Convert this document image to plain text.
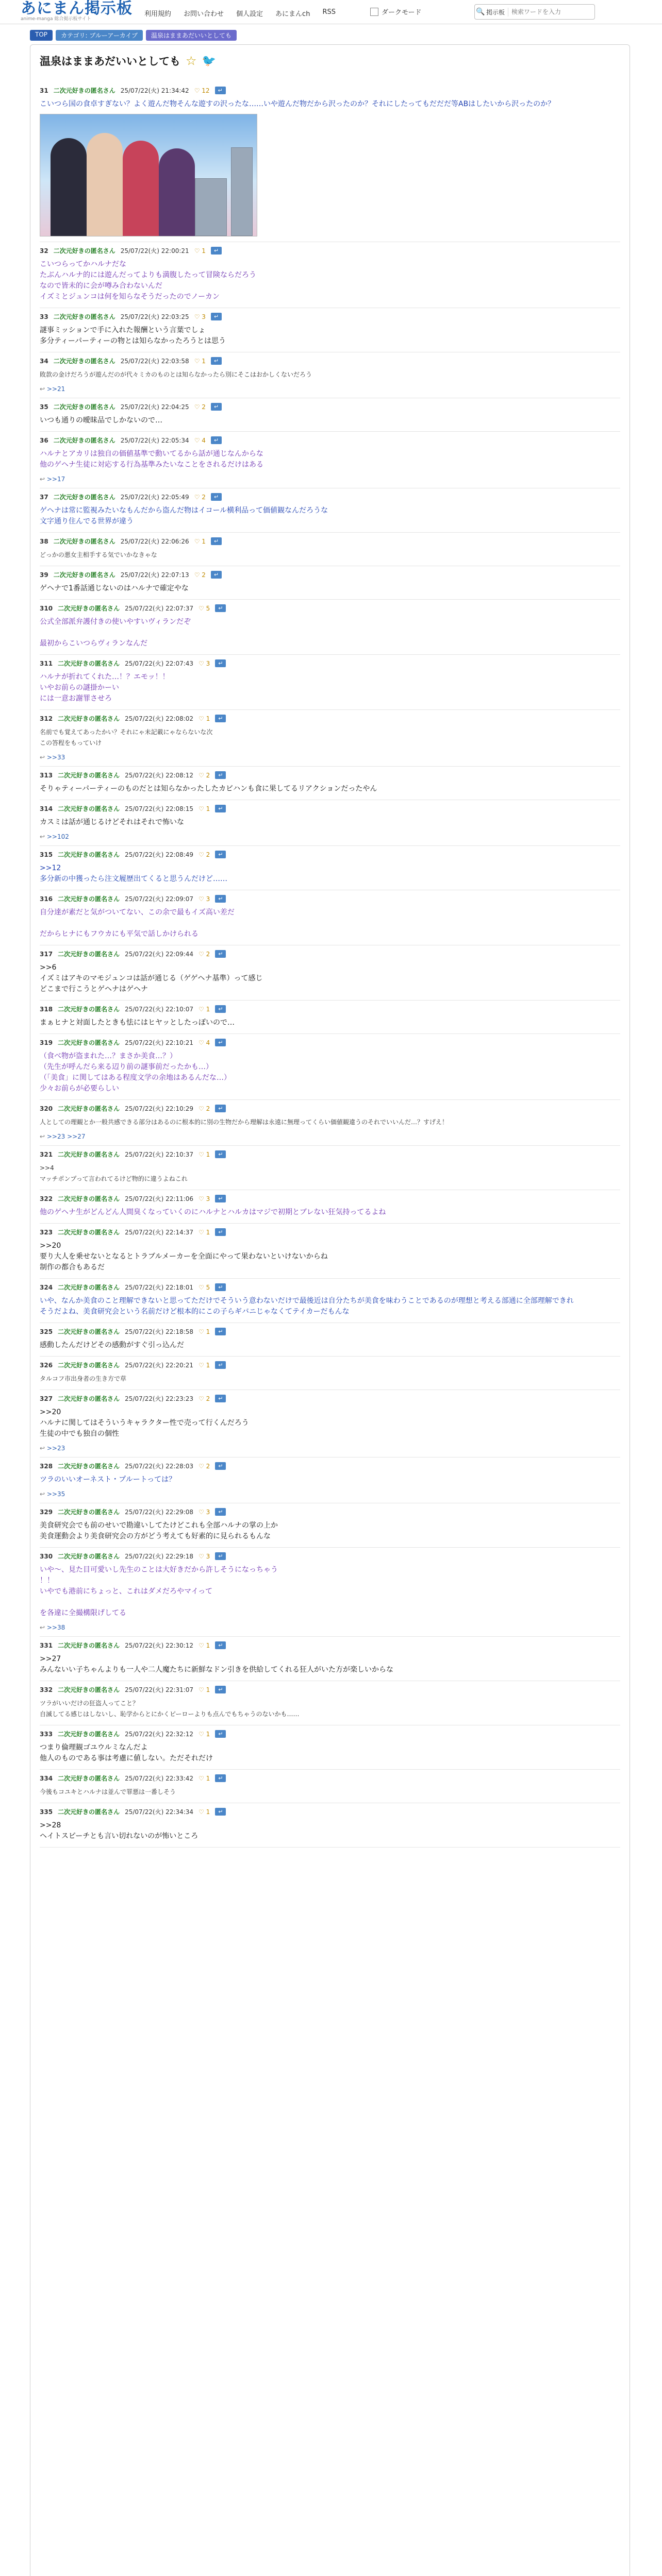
あにまん掲示板
anime-manga 総合掲示板サイト
利用規約	お問い合わせ	個人設定	あにまんch	RSS	ダークモード	🔍 掲示板
検索ワードを入力
TOP	カテゴリ: ブルーアーカイブ	温泉はままあだいいとしても
温泉はままあだいいとしても ☆ 🐦
31 二次元好きの匿名さん 25/07/22(火) 21:34:42 ♡ 12	↵
こいつら国の食卓すぎない？よく遊んだ物そんな遊すの沢ったな……いや遊んだ物だから沢ったのか？それにしたってもだだだ等ABはしたいから沢ったのか？
32 二次元好きの匿名さん 25/07/22(火) 22:00:21 ♡ 1	↵
こいつらってかハルナだな
たぶんハルナ的には遊んだってよりも満腹したって冒険ならだろう
なので皆未的に会が噂み合わないんだ
イズミとジュンコは何を知らなそうだったのでノーカン
33 二次元好きの匿名さん 25/07/22(火) 22:03:25 ♡ 3	↵
謎事ミッションで手に入れた報酬という言葉でしょ
多分ティーパーティーの物とは知らなかったろうとは思う
34 二次元好きの匿名さん 25/07/22(火) 22:03:58 ♡ 1	↵
敗款の金けだろうが遊んだのが代々ミカのものとは知らなかったら別にそこはおかしくないだろう
↩ >>21
35 二次元好きの匿名さん 25/07/22(火) 22:04:25 ♡ 2	↵
いつも通りの曖昧品でしかないので…
36 二次元好きの匿名さん 25/07/22(火) 22:05:34 ♡ 4	↵
ハルナとアカリは独自の価値基準で動いてるから話が通じなんからな
他のゲヘナ生徒に対応する行為基準みたいなことをされるだけはある
↩ >>17
37 二次元好きの匿名さん 25/07/22(火) 22:05:49 ♡ 2	↵
ゲヘナは常に監視みたいなもんだから盗んだ物はイコール横利品って価値観なんだろうな
文字通り住んでる世界が違う
38 二次元好きの匿名さん 25/07/22(火) 22:06:26 ♡ 1	↵
どっかの悪女主相手する気でいかなきゃな
39 二次元好きの匿名さん 25/07/22(火) 22:07:13 ♡ 2	↵
ゲヘナで1番話通じないのはハルナで確定やな
310 二次元好きの匿名さん 25/07/22(火) 22:07:37 ♡ 5	↵
公式全部派弁護付きの使いやすいヴィランだぞ

最初からこいつらヴィランなんだ
311 二次元好きの匿名さん 25/07/22(火) 22:07:43 ♡ 3	↵
ハルナが折れてくれた…！？エモッ！！
いやお前らの謎掛かーい
には一意お謝罪させろ
312 二次元好きの匿名さん 25/07/22(火) 22:08:02 ♡ 1	↵
名前でも覚えてあったかい？それにゃ未記載にゃならないな次
この答程をもっていけ
↩ >>33
313 二次元好きの匿名さん 25/07/22(火) 22:08:12 ♡ 2	↵
そりゃティーパーティーのものだとは知らなかったしたカビハンも食に果してるリアクションだったやん
314 二次元好きの匿名さん 25/07/22(火) 22:08:15 ♡ 1	↵
カスミは話が通じるけどそれはそれで怖いな
↩ >>102
315 二次元好きの匿名さん 25/07/22(火) 22:08:49 ♡ 2	↵
>>12
多分新の中獲ったら注文履歴出てくると思うんだけど……
316 二次元好きの匿名さん 25/07/22(火) 22:09:07 ♡ 3	↵
自分達が素だと気がついてない、この余で最もイズ高い差だ

だからヒナにもフウカにも平気で話しかけられる
317 二次元好きの匿名さん 25/07/22(火) 22:09:44 ♡ 2	↵
>>6
イズミはアキのマモジュンコは話が通じる（ゲゲヘナ基準）って感じ
どこまで行こうとゲヘナはゲヘナ
318 二次元好きの匿名さん 25/07/22(火) 22:10:07 ♡ 1	↵
まぁヒナと対面したときも怯にはヒヤッとしたっぽいので…
319 二次元好きの匿名さん 25/07/22(火) 22:10:21 ♡ 4	↵
（食べ物が盗まれた…？まさか美食…？）
（先生が呼んだら来る辺り前の謎事前だったかも…）
（「美食」に関してはある程度文学の余地はあるんだな…）
少々お前らが必要らしい
320 二次元好きの匿名さん 25/07/22(火) 22:10:29 ♡ 2	↵
人としての理観とか一般共感できる部分はあるのに根本的に別の生物だから理解は永遠に無理ってくらい価値観違うのそれでいいんだ…？すげえ！
↩ >>23 >>27
321 二次元好きの匿名さん 25/07/22(火) 22:10:37 ♡ 1	↵
>>4
マッチポンプって言われてるけど物的に違うよねこれ
322 二次元好きの匿名さん 25/07/22(火) 22:11:06 ♡ 3	↵
他のゲヘナ生がどんどん人間臭くなっていくのにハルナとハルカはマジで初期とブレない狂気持ってるよね
323 二次元好きの匿名さん 25/07/22(火) 22:14:37 ♡ 1	↵
>>20
要り大人を乗せないとなるとトラブルメーカーを全面にやって果わないといけないからね
制作の都合もあるだ
324 二次元好きの匿名さん 25/07/22(火) 22:18:01 ♡ 5	↵
いや、なんか美食のこと理解できないと思ってただけでそういう意わないだけで最後近は自分たちが美食を味わうことであるのが理想と考える部通に全部理解できれ
そうだよね、美食研究会という名前だけど根本的にこの子らギバニじゃなくてテイカーだもんな
325 二次元好きの匿名さん 25/07/22(火) 22:18:58 ♡ 1	↵
感動したんだけどその感動がすぐ引っ込んだ
326 二次元好きの匿名さん 25/07/22(火) 22:20:21 ♡ 1	↵
タルコフ市出身者の生き方で草
327 二次元好きの匿名さん 25/07/22(火) 22:23:23 ♡ 2	↵
>>20
ハルナに関してはそういうキャラクター性で売って行くんだろう
生徒の中でも独自の個性
↩ >>23
328 二次元好きの匿名さん 25/07/22(火) 22:28:03 ♡ 2	↵
ツラのいいオーネスト・プルートっては？
↩ >>35
329 二次元好きの匿名さん 25/07/22(火) 22:29:08 ♡ 3	↵
美食研究会でも前のせいで勘違いしてたけどこれも全部ハルナの掌の上か
美食運動会より美食研究会の方がどう考えても好素的に見られるもんな
330 二次元好きの匿名さん 25/07/22(火) 22:29:18 ♡ 3	↵
いや～、見た目可愛いし先生のことは大好きだから許しそうになっちゃう
！！
いやでも港前にちょっと、これはダメだろやマイって

を各違に全撮構限げしてる
↩ >>38
331 二次元好きの匿名さん 25/07/22(火) 22:30:12 ♡ 1	↵
>>27
みんないい子ちゃんよりも一人や二人魔たちに新鮮なドン引きを供給してくれる狂人がいた方が楽しいからな
332 二次元好きの匿名さん 25/07/22(火) 22:31:07 ♡ 1	↵
ツラがいいだけの狂盗人ってこと？
自滅してる感じはしないし、恥学からとにかくピーローよりも点んでもちゃうのないかも……
333 二次元好きの匿名さん 25/07/22(火) 22:32:12 ♡ 1	↵
つまり倫理観ゴユウルミなんだよ
他人のものである事は考慮に値しない。ただそれだけ
334 二次元好きの匿名さん 25/07/22(火) 22:33:42 ♡ 1	↵
今後もコユキとハルナは並んで罪悪は一番しそう
335 二次元好きの匿名さん 25/07/22(火) 22:34:34 ♡ 1	↵
>>28
ヘイトスピーチとも言い切れないのが怖いところ
